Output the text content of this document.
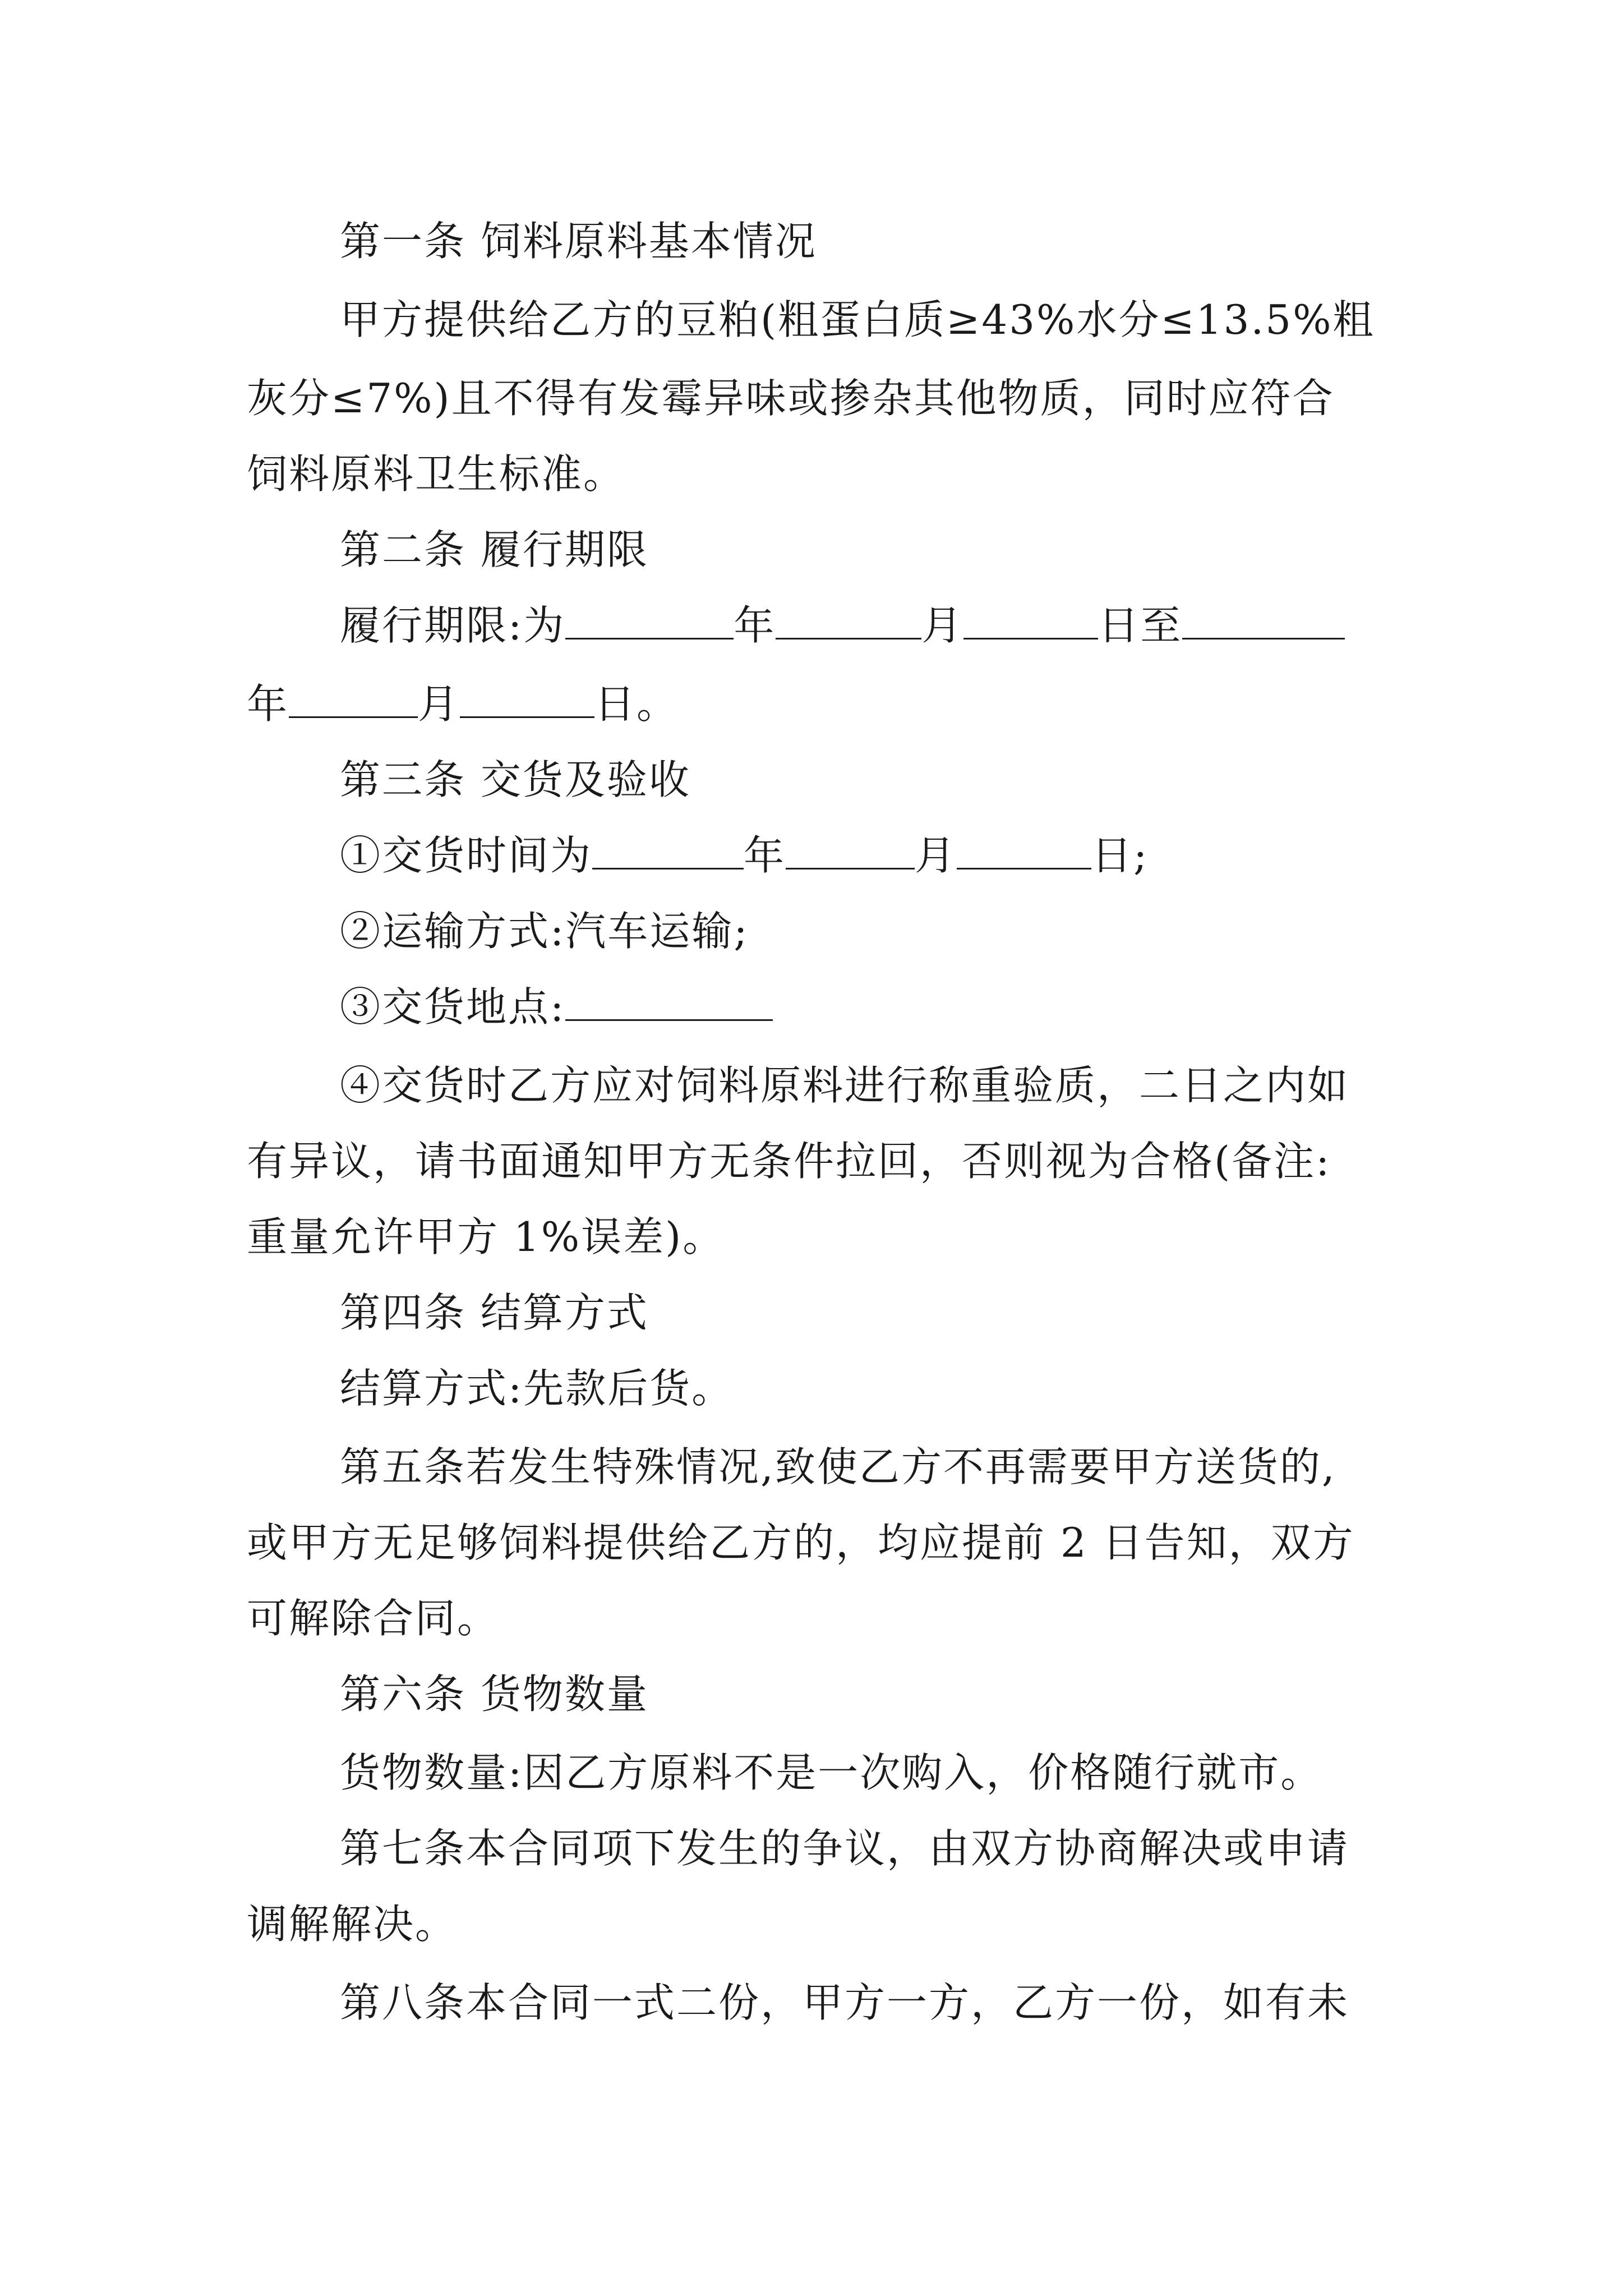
第一条 饲料原料基本情况
甲方提供给乙方的豆粕(粗蛋白质≥43%水分≤13.5%粗
灰分≤7%)且不得有发霉异味或掺杂其他物质，同时应符合
饲料原料卫生标准。
第二条 履行期限
履行期限:为	年	月	日至
年	月	日。
第三条 交货及验收
①交货时间为	年	月	日;
②运输方式:汽车运输;
③交货地点:
④交货时乙方应对饲料原料进行称重验质，二日之内如
有异议，请书面通知甲方无条件拉回，否则视为合格(备注:
重量允许甲方 1%误差)。
第四条 结算方式
结算方式:先款后货。
第五条若发生特殊情况,致使乙方不再需要甲方送货的,
或甲方无足够饲料提供给乙方的，均应提前 2 日告知，双方
可解除合同。
第六条 货物数量
货物数量:因乙方原料不是一次购入，价格随行就市。
第七条本合同项下发生的争议，由双方协商解决或申请
调解解决。
第八条本合同一式二份，甲方一方，乙方一份，如有未
